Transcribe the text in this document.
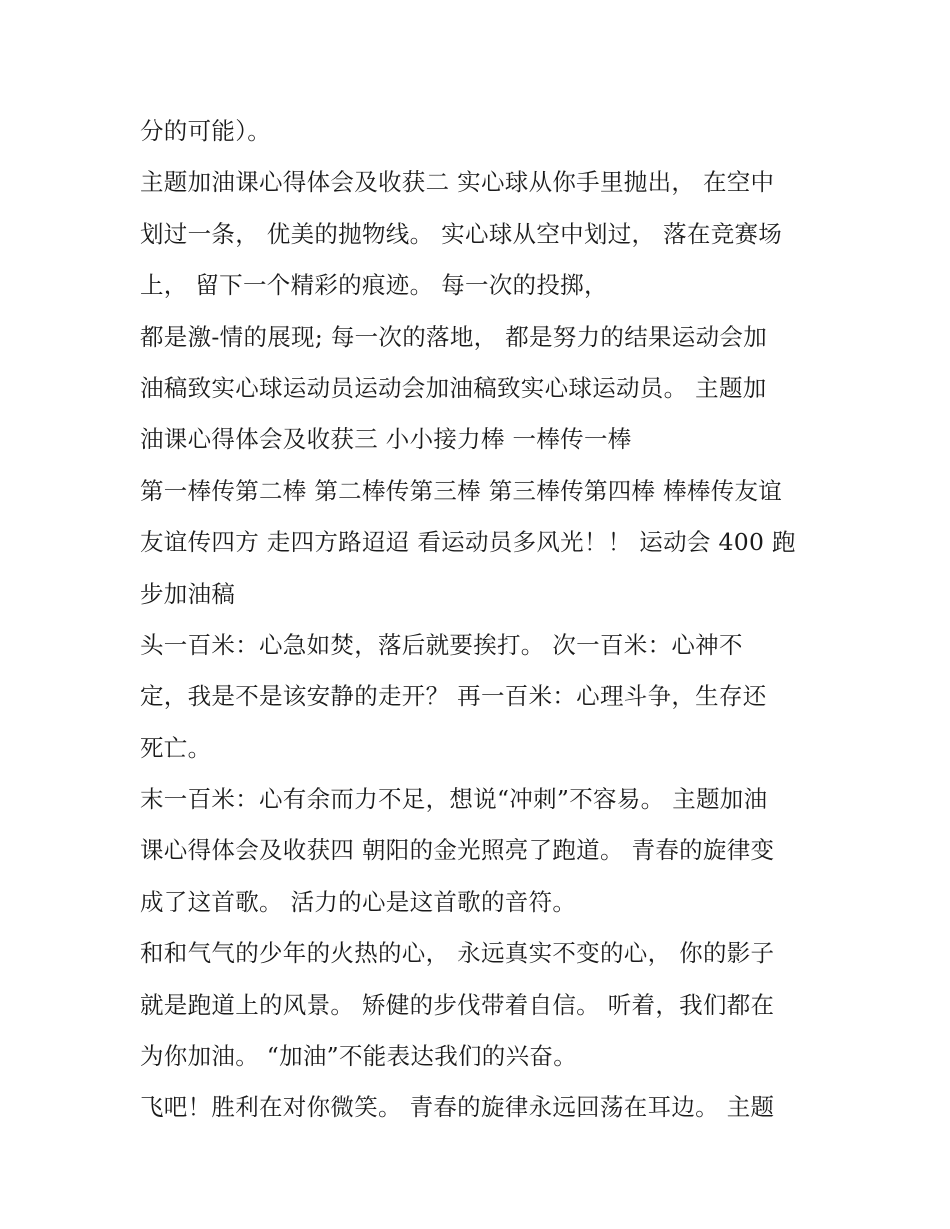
分的可能）。
主题加油课心得体会及收获二 实心球从你手里抛出， 在空中
划过一条， 优美的抛物线。 实心球从空中划过， 落在竞赛场
上， 留下一个精彩的痕迹。 每一次的投掷，
都是激-情的展现; 每一次的落地， 都是努力的结果运动会加
油稿致实心球运动员运动会加油稿致实心球运动员。 主题加
油课心得体会及收获三 小小接力棒 一棒传一棒
第一棒传第二棒 第二棒传第三棒 第三棒传第四棒 棒棒传友谊
友谊传四方 走四方路迢迢 看运动员多风光！！ 运动会 400 跑
步加油稿
头一百米：心急如焚，落后就要挨打。 次一百米：心神不
定，我是不是该安静的走开？ 再一百米：心理斗争，生存还
死亡。
末一百米：心有余而力不足，想说“冲刺”不容易。 主题加油
课心得体会及收获四 朝阳的金光照亮了跑道。 青春的旋律变
成了这首歌。 活力的心是这首歌的音符。
和和气气的少年的火热的心， 永远真实不变的心， 你的影子
就是跑道上的风景。 矫健的步伐带着自信。 听着，我们都在
为你加油。 “加油”不能表达我们的兴奋。
飞吧！胜利在对你微笑。 青春的旋律永远回荡在耳边。 主题
